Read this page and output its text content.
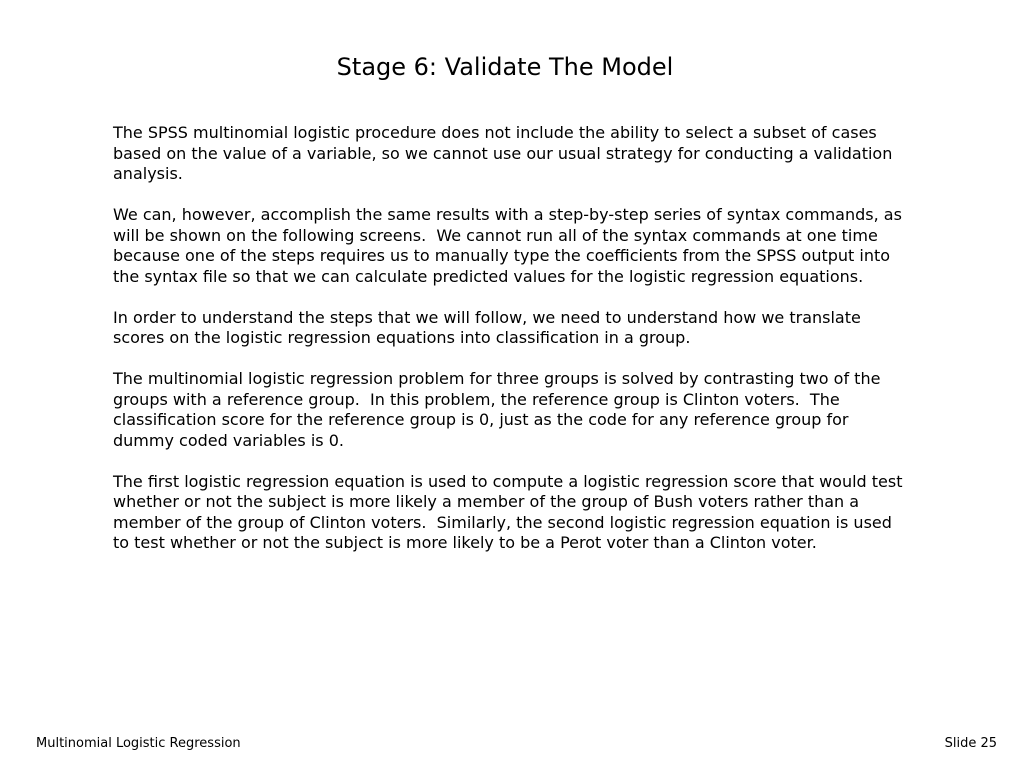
Stage 6: Validate The Model

The SPSS multinomial logistic procedure does not include the ability to select a subset of cases based on the value of a variable, so we cannot use our usual strategy for conducting a validation analysis.

We can, however, accomplish the same results with a step-by-step series of syntax commands, as will be shown on the following screens.  We cannot run all of the syntax commands at one time because one of the steps requires us to manually type the coefficients from the SPSS output into the syntax file so that we can calculate predicted values for the logistic regression equations.

In order to understand the steps that we will follow, we need to understand how we translate scores on the logistic regression equations into classification in a group.

The multinomial logistic regression problem for three groups is solved by contrasting two of the groups with a reference group.  In this problem, the reference group is Clinton voters.  The classification score for the reference group is 0, just as the code for any reference group for dummy coded variables is 0.

The first logistic regression equation is used to compute a logistic regression score that would test whether or not the subject is more likely a member of the group of Bush voters rather than a member of the group of Clinton voters.  Similarly, the second logistic regression equation is used to test whether or not the subject is more likely to be a Perot voter than a Clinton voter.

Multinomial Logistic Regression	Slide 25
